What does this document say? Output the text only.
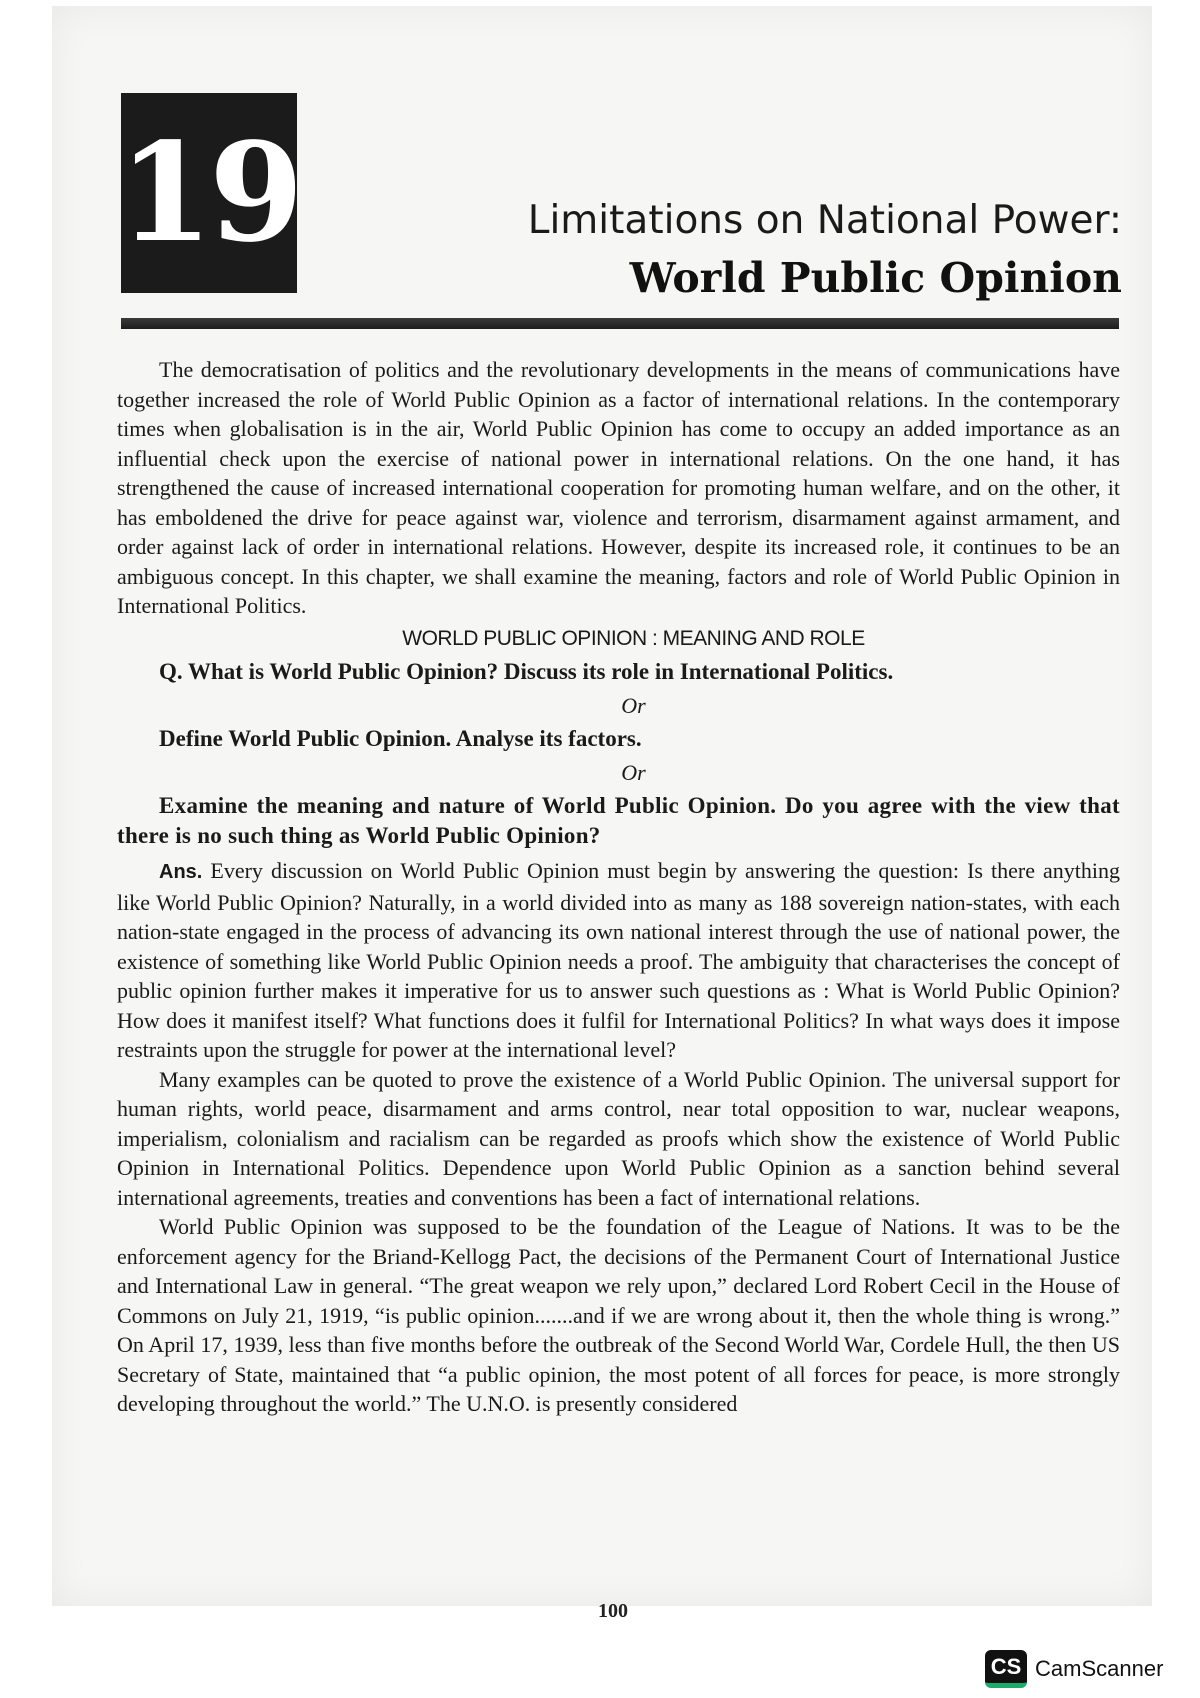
19	Limitations on National Power:
World Public Opinion

The democratisation of politics and the revolutionary developments in the means of communications have together increased the role of World Public Opinion as a factor of international relations. In the contemporary times when globalisation is in the air, World Public Opinion has come to occupy an added importance as an influential check upon the exercise of national power in international relations. On the one hand, it has strengthened the cause of increased international cooperation for promoting human welfare, and on the other, it has emboldened the drive for peace against war, violence and terrorism, disarmament against armament, and order against lack of order in international relations. However, despite its increased role, it continues to be an ambiguous concept. In this chapter, we shall examine the meaning, factors and role of World Public Opinion in International Politics.

WORLD PUBLIC OPINION : MEANING AND ROLE

Q. What is World Public Opinion? Discuss its role in International Politics.

Or

Define World Public Opinion. Analyse its factors.

Or

Examine the meaning and nature of World Public Opinion. Do you agree with the view that there is no such thing as World Public Opinion?

Ans. Every discussion on World Public Opinion must begin by answering the question: Is there anything like World Public Opinion? Naturally, in a world divided into as many as 188 sovereign nation-states, with each nation-state engaged in the process of advancing its own national interest through the use of national power, the existence of something like World Public Opinion needs a proof. The ambiguity that characterises the concept of public opinion further makes it imperative for us to answer such questions as : What is World Public Opinion? How does it manifest itself? What functions does it fulfil for International Politics? In what ways does it impose restraints upon the struggle for power at the international level?

Many examples can be quoted to prove the existence of a World Public Opinion. The universal support for human rights, world peace, disarmament and arms control, near total opposition to war, nuclear weapons, imperialism, colonialism and racialism can be regarded as proofs which show the existence of World Public Opinion in International Politics. Dependence upon World Public Opinion as a sanction behind several international agreements, treaties and conventions has been a fact of international relations.

World Public Opinion was supposed to be the foundation of the League of Nations. It was to be the enforcement agency for the Briand-Kellogg Pact, the decisions of the Permanent Court of International Justice and International Law in general. “The great weapon we rely upon,” declared Lord Robert Cecil in the House of Commons on July 21, 1919, “is public opinion.......and if we are wrong about it, then the whole thing is wrong.” On April 17, 1939, less than five months before the outbreak of the Second World War, Cordele Hull, the then US Secretary of State, maintained that “a public opinion, the most potent of all forces for peace, is more strongly developing throughout the world.” The U.N.O. is presently considered

100
CS CamScanner
